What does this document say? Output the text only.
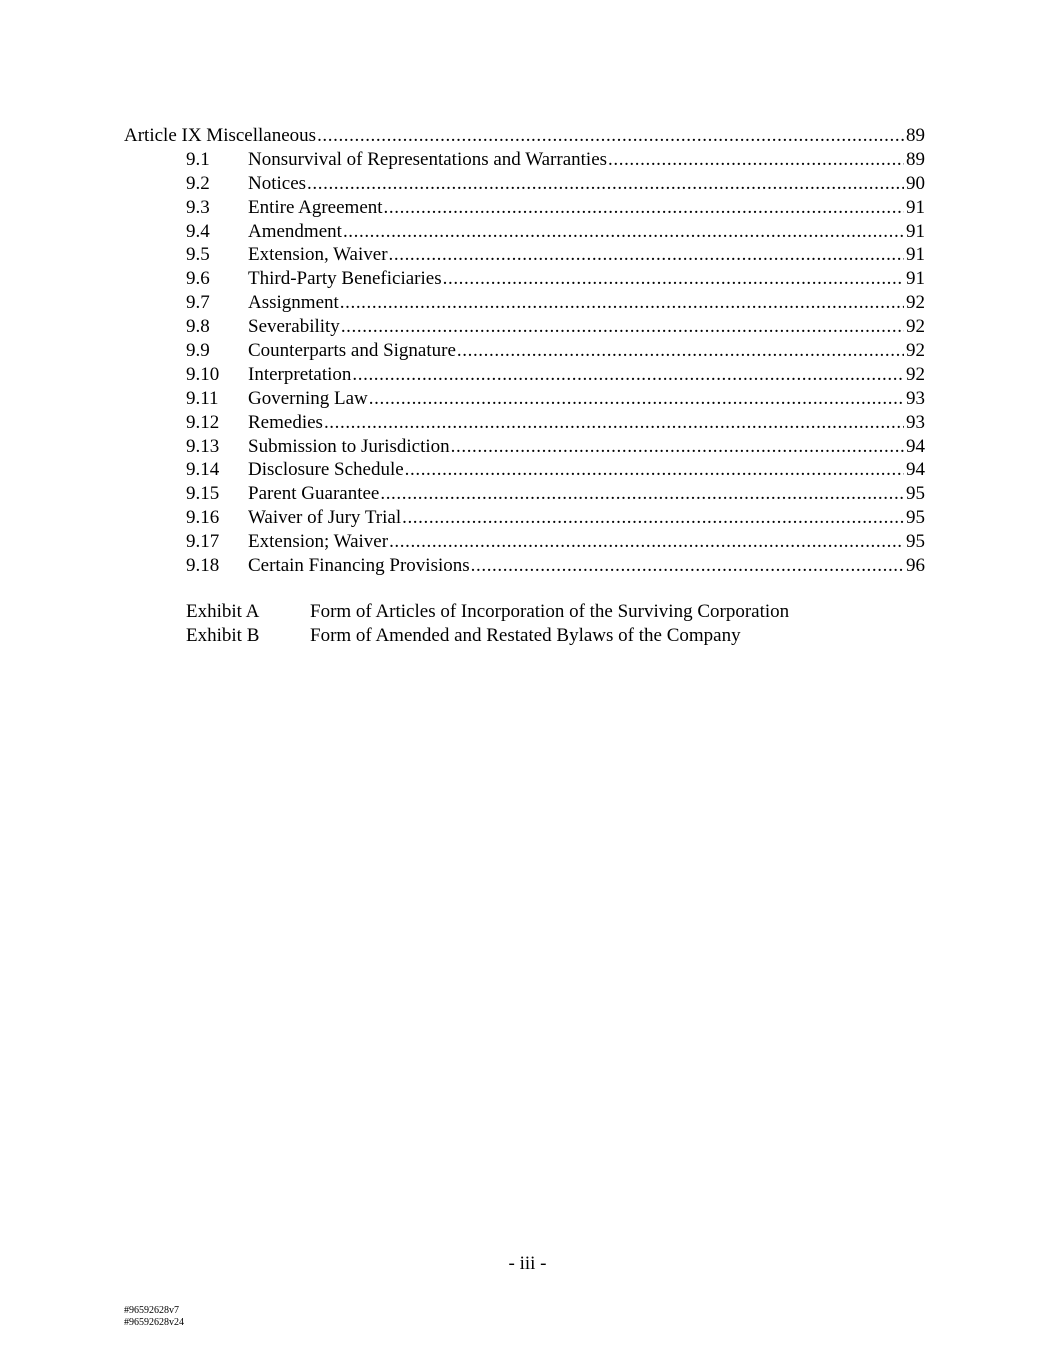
Article IX Miscellaneous .....	89
9.1	Nonsurvival of Representations and Warranties .....	89
9.2	Notices .....	90
9.3	Entire Agreement .....	91
9.4	Amendment .....	91
9.5	Extension, Waiver .....	91
9.6	Third-Party Beneficiaries .....	91
9.7	Assignment .....	92
9.8	Severability .....	92
9.9	Counterparts and Signature .....	92
9.10	Interpretation .....	92
9.11	Governing Law .....	93
9.12	Remedies .....	93
9.13	Submission to Jurisdiction .....	94
9.14	Disclosure Schedule .....	94
9.15	Parent Guarantee .....	95
9.16	Waiver of Jury Trial .....	95
9.17	Extension; Waiver .....	95
9.18	Certain Financing Provisions .....	96
Exhibit A	Form of Articles of Incorporation of the Surviving Corporation
Exhibit B	Form of Amended and Restated Bylaws of the Company
- iii -
#96592628v7
#96592628v24
